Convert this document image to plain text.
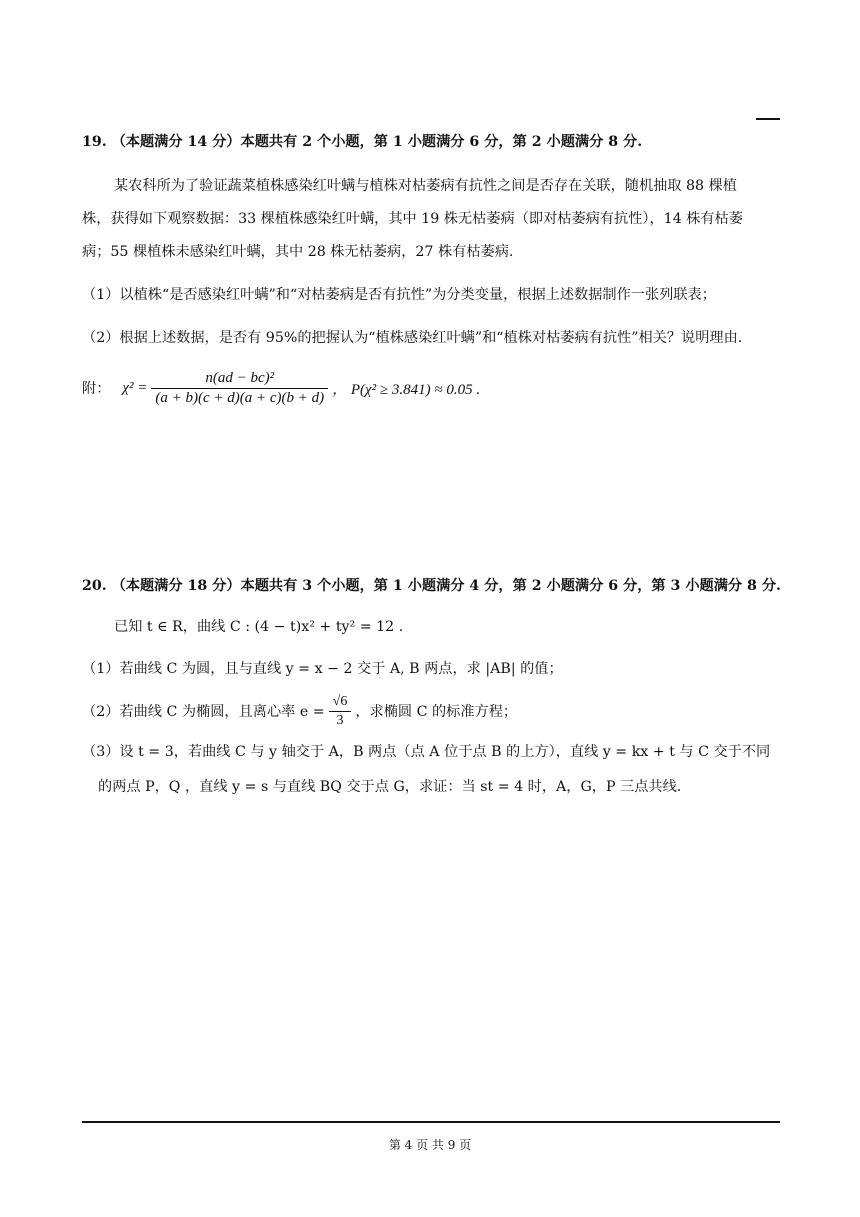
19. （本题满分 14 分）本题共有 2 个小题，第 1 小题满分 6 分，第 2 小题满分 8 分.
某农科所为了验证蔬菜植株感染红叶螨与植株对枯萎病有抗性之间是否存在关联，随机抽取 88 棵植
株，获得如下观察数据：33 棵植株感染红叶螨，其中 19 株无枯萎病（即对枯萎病有抗性），14 株有枯萎
病；55 棵植株未感染红叶螨，其中 28 株无枯萎病，27 株有枯萎病.
（1）以植株“是否感染红叶螨”和“对枯萎病是否有抗性”为分类变量，根据上述数据制作一张列联表；
（2）根据上述数据，是否有 95%的把握认为“植株感染红叶螨”和“植株对枯萎病有抗性”相关？说明理由.
附： $\chi^2 = \frac{\text{n(ad − bc)²}}{(a + b)(c + d)(a + c)(b + d)}$ ， P(χ² ≥ 3.841) ≈ 0.05 .
20. （本题满分 18 分）本题共有 3 个小题，第 1 小题满分 4 分，第 2 小题满分 6 分，第 3 小题满分 8 分.
已知 t ∈ R，曲线 C : (4 − t)x² + ty² = 12 .
（1）若曲线 C 为圆，且与直线 y = x − 2 交于 A, B 两点，求 |AB| 的值；
（2）若曲线 C 为椭圆，且离心率 $e = \frac{√6}{3}$ ，求椭圆 C 的标准方程；
（3）设 t = 3，若曲线 C 与 y 轴交于 A，B 两点（点 A 位于点 B 的上方），直线 y = kx + t 与 C 交于不同
的两点 P，Q ，直线 y = s 与直线 BQ 交于点 G，求证：当 st = 4 时，A，G，P 三点共线.
第 4 页 共 9 页
